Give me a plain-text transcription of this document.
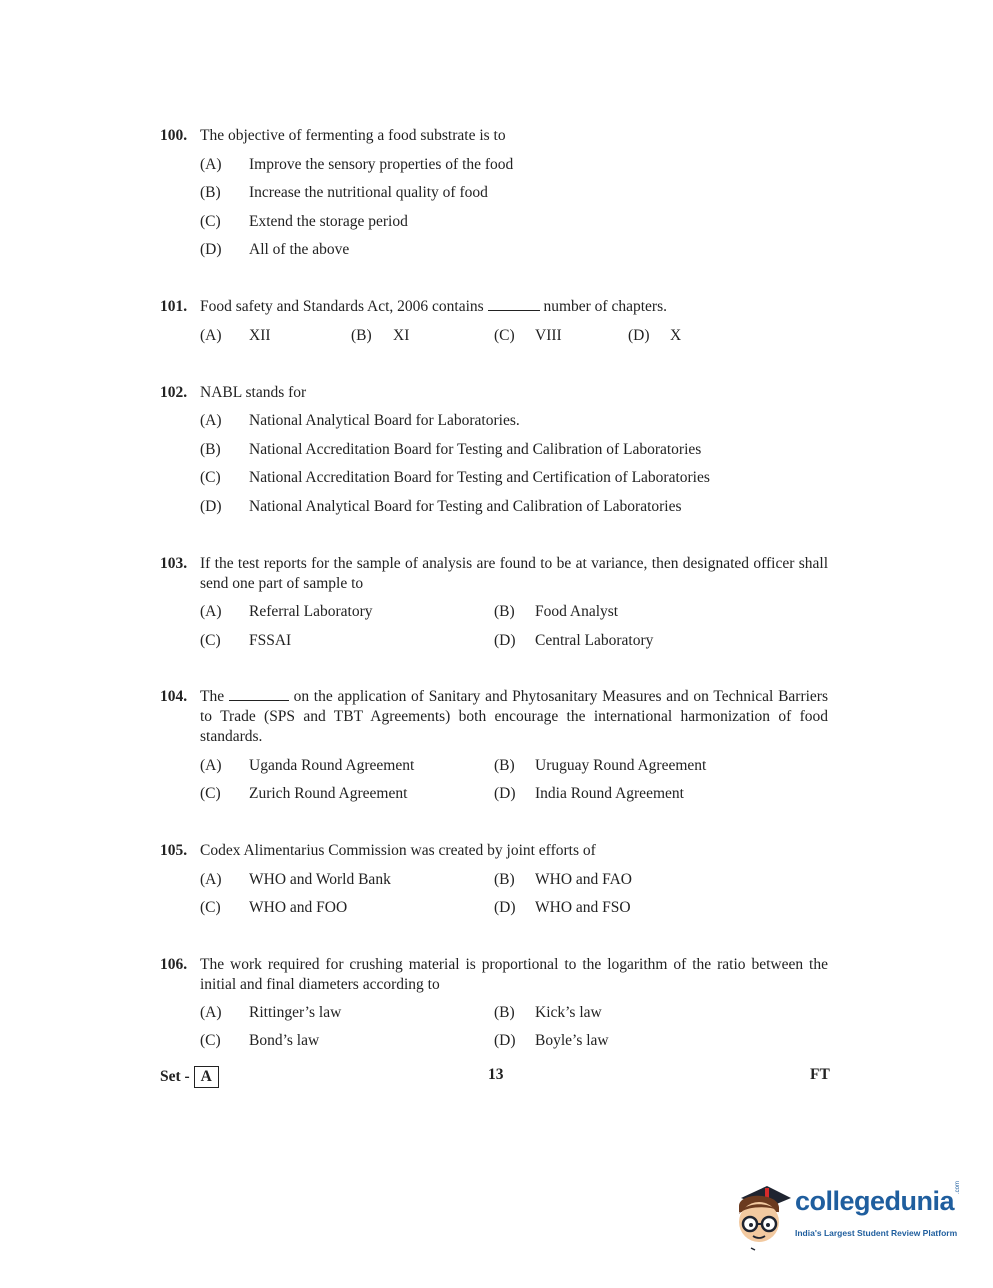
100. The objective of fermenting a food substrate is to
(A) Improve the sensory properties of the food
(B) Increase the nutritional quality of food
(C) Extend the storage period
(D) All of the above
101. Food safety and Standards Act, 2006 contains	number of chapters.
(A) XII	(B) XI	(C) VIII	(D) X
102. NABL stands for
(A) National Analytical Board for Laboratories.
(B) National Accreditation Board for Testing and Calibration of Laboratories
(C) National Accreditation Board for Testing and Certification of Laboratories
(D) National Analytical Board for Testing and Calibration of Laboratories
103. If the test reports for the sample of analysis are found to be at variance, then designated officer shall send one part of sample to
(A) Referral Laboratory	(B) Food Analyst
(C) FSSAI	(D) Central Laboratory
104. The	on the application of Sanitary and Phytosanitary Measures and on Technical Barriers to Trade (SPS and TBT Agreements) both encourage the international harmonization of food standards.
(A) Uganda Round Agreement	(B) Uruguay Round Agreement
(C) Zurich Round Agreement	(D) India Round Agreement
105. Codex Alimentarius Commission was created by joint efforts of
(A) WHO and World Bank	(B) WHO and FAO
(C) WHO and FOO	(D) WHO and FSO
106. The work required for crushing material is proportional to the logarithm of the ratio between the initial and final diameters according to
(A) Rittinger’s law	(B) Kick’s law
(C) Bond’s law	(D) Boyle’s law
Set - A	13	FT
collegedunia .com
India's Largest Student Review Platform
